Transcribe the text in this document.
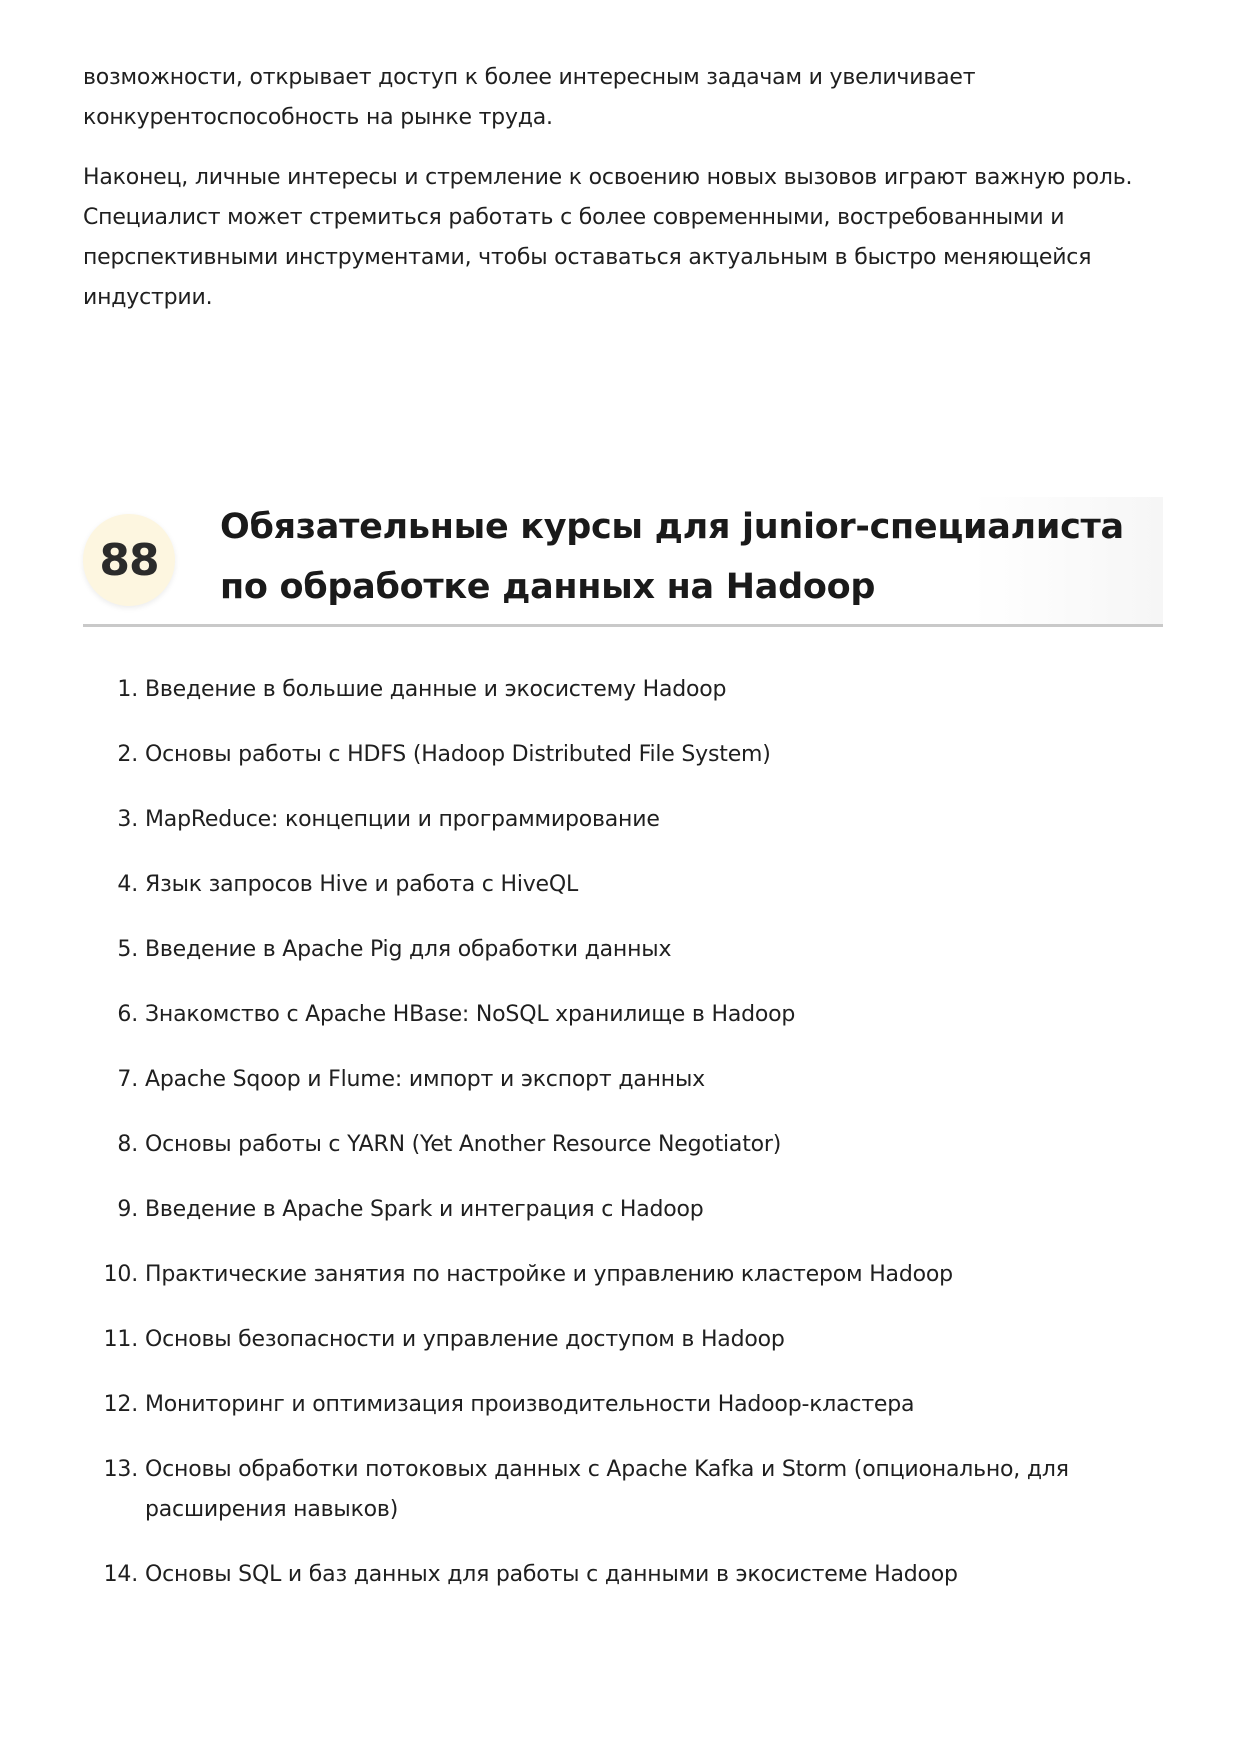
возможности, открывает доступ к более интересным задачам и увеличивает конкурентоспособность на рынке труда.

Наконец, личные интересы и стремление к освоению новых вызовов играют важную роль. Специалист может стремиться работать с более современными, востребованными и перспективными инструментами, чтобы оставаться актуальным в быстро меняющейся индустрии.

88
Обязательные курсы для junior-специалиста по обработке данных на Hadoop
1. Введение в большие данные и экосистему Hadoop
2. Основы работы с HDFS (Hadoop Distributed File System)
3. MapReduce: концепции и программирование
4. Язык запросов Hive и работа с HiveQL
5. Введение в Apache Pig для обработки данных
6. Знакомство с Apache HBase: NoSQL хранилище в Hadoop
7. Apache Sqoop и Flume: импорт и экспорт данных
8. Основы работы с YARN (Yet Another Resource Negotiator)
9. Введение в Apache Spark и интеграция с Hadoop
10. Практические занятия по настройке и управлению кластером Hadoop
11. Основы безопасности и управление доступом в Hadoop
12. Мониторинг и оптимизация производительности Hadoop-кластера
13. Основы обработки потоковых данных с Apache Kafka и Storm (опционально, для расширения навыков)
14. Основы SQL и баз данных для работы с данными в экосистеме Hadoop
